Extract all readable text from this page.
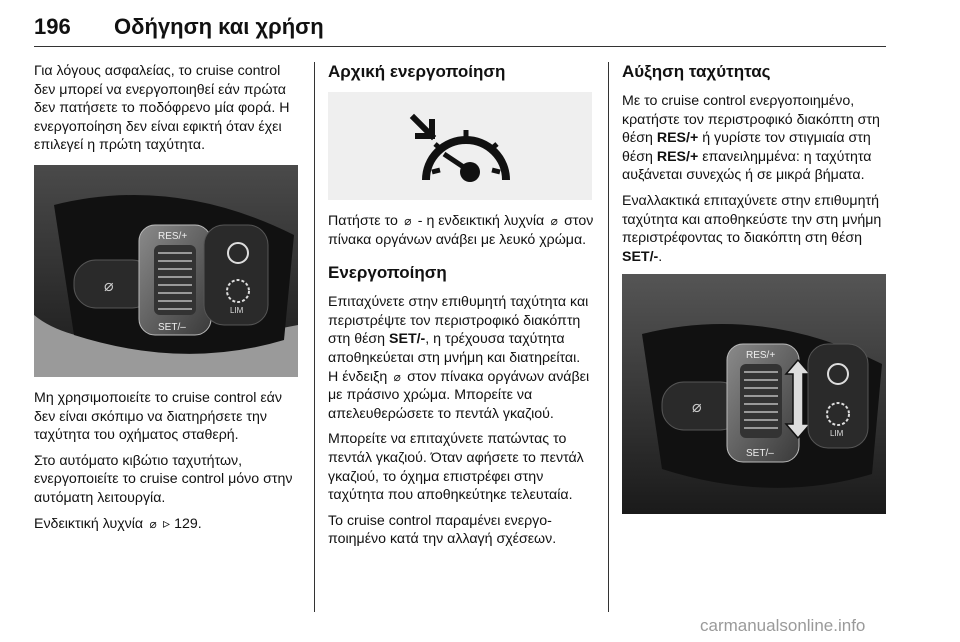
196 Οδήγηση και χρήση

Για λόγους ασφαλείας, το cruise control δεν μπορεί να ενεργοποιηθεί εάν πρώτα δεν πατήσετε το ποδόφρενο μία φορά. Η ενεργοποίηση δεν είναι εφικτή όταν έχει επιλεγεί η πρώτη ταχύτητα.

⌀
RES/+
SET/–
LIM

Μη χρησιμοποιείτε το cruise control εάν δεν είναι σκόπιμο να διατηρήσετε την ταχύτητα του οχήματος σταθερή.

Στο αυτόματο κιβώτιο ταχυτήτων, ενεργοποιείτε το cruise control μόνο στην αυτόματη λειτουργία.

Ενδεικτική λυχνία ⌀ ▹ 129.

Αρχική ενεργοποίηση

Πατήστε το ⌀ - η ενδεικτική λυχνία ⌀ στον πίνακα οργάνων ανάβει με λευκό χρώμα.

Ενεργοποίηση

Επιταχύνετε στην επιθυμητή ταχύτητα και περιστρέψτε τον περιστροφικό διακόπτη στη θέση SET/-, η τρέχουσα ταχύτητα αποθηκεύεται στη μνήμη και διατηρείται. Η ένδειξη ⌀ στον πίνακα οργάνων ανάβει με πράσινο χρώμα. Μπορείτε να απελευθερώσετε το πεντάλ γκαζιού.

Μπορείτε να επιταχύνετε πατώντας το πεντάλ γκαζιού. Όταν αφήσετε το πεντάλ γκαζιού, το όχημα επιστρέφει στην ταχύτητα που αποθηκεύτηκε τελευταία.

Το cruise control παραμένει ενεργοποιημένο κατά την αλλαγή σχέσεων.

Αύξηση ταχύτητας

Με το cruise control ενεργοποιημένο, κρατήστε τον περιστροφικό διακόπτη στη θέση RES/+ ή γυρίστε τον στιγμιαία στη θέση RES/+ επανειλημμένα: η ταχύτητα αυξάνεται συνεχώς ή σε μικρά βήματα.

Εναλλακτικά επιταχύνετε στην επιθυμητή ταχύτητα και αποθηκεύστε την στη μνήμη περιστρέφοντας το διακόπτη στη θέση SET/-.

⌀
RES/+
SET/–
LIM
carmanualsonline.info
